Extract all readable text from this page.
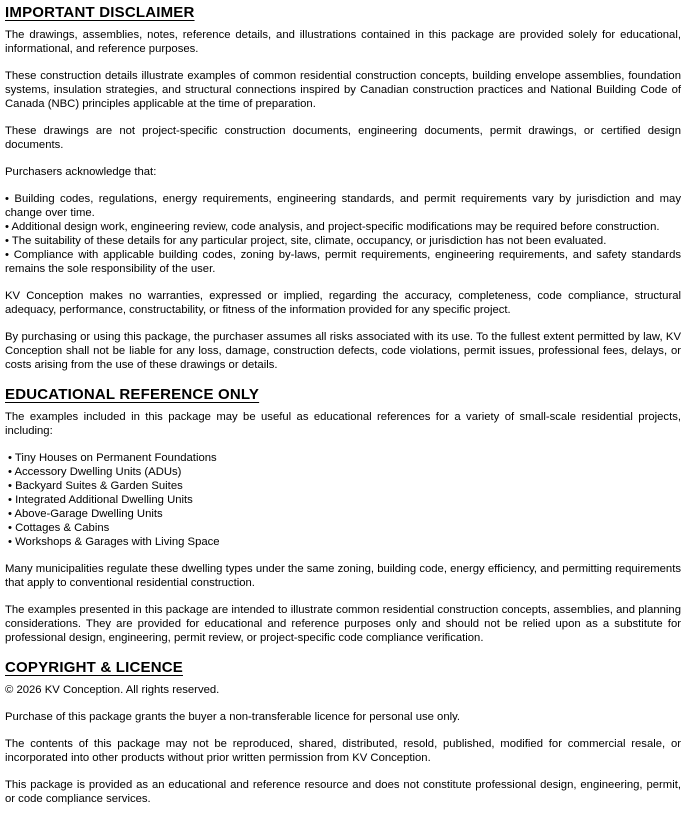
IMPORTANT DISCLAIMER

The drawings, assemblies, notes, reference details, and illustrations contained in this package are provided solely for educational, informational, and reference purposes.

These construction details illustrate examples of common residential construction concepts, building envelope assemblies, foundation systems, insulation strategies, and structural connections inspired by Canadian construction practices and National Building Code of Canada (NBC) principles applicable at the time of preparation.

These drawings are not project-specific construction documents, engineering documents, permit drawings, or certified design documents.

Purchasers acknowledge that:

• Building codes, regulations, energy requirements, engineering standards, and permit requirements vary by jurisdiction and may change over time.
• Additional design work, engineering review, code analysis, and project-specific modifications may be required before construction.
• The suitability of these details for any particular project, site, climate, occupancy, or jurisdiction has not been evaluated.
• Compliance with applicable building codes, zoning by-laws, permit requirements, engineering requirements, and safety standards remains the sole responsibility of the user.

KV Conception makes no warranties, expressed or implied, regarding the accuracy, completeness, code compliance, structural adequacy, performance, constructability, or fitness of the information provided for any specific project.

By purchasing or using this package, the purchaser assumes all risks associated with its use. To the fullest extent permitted by law, KV Conception shall not be liable for any loss, damage, construction defects, code violations, permit issues, professional fees, delays, or costs arising from the use of these drawings or details.

EDUCATIONAL REFERENCE ONLY

The examples included in this package may be useful as educational references for a variety of small-scale residential projects, including:

• Tiny Houses on Permanent Foundations
• Accessory Dwelling Units (ADUs)
• Backyard Suites & Garden Suites
• Integrated Additional Dwelling Units
• Above-Garage Dwelling Units
• Cottages & Cabins
• Workshops & Garages with Living Space

Many municipalities regulate these dwelling types under the same zoning, building code, energy efficiency, and permitting requirements that apply to conventional residential construction.

The examples presented in this package are intended to illustrate common residential construction concepts, assemblies, and planning considerations. They are provided for educational and reference purposes only and should not be relied upon as a substitute for professional design, engineering, permit review, or project-specific code compliance verification.

COPYRIGHT & LICENCE

© 2026 KV Conception. All rights reserved.

Purchase of this package grants the buyer a non-transferable licence for personal use only.

The contents of this package may not be reproduced, shared, distributed, resold, published, modified for commercial resale, or incorporated into other products without prior written permission from KV Conception.

This package is provided as an educational and reference resource and does not constitute professional design, engineering, permit, or code compliance services.
